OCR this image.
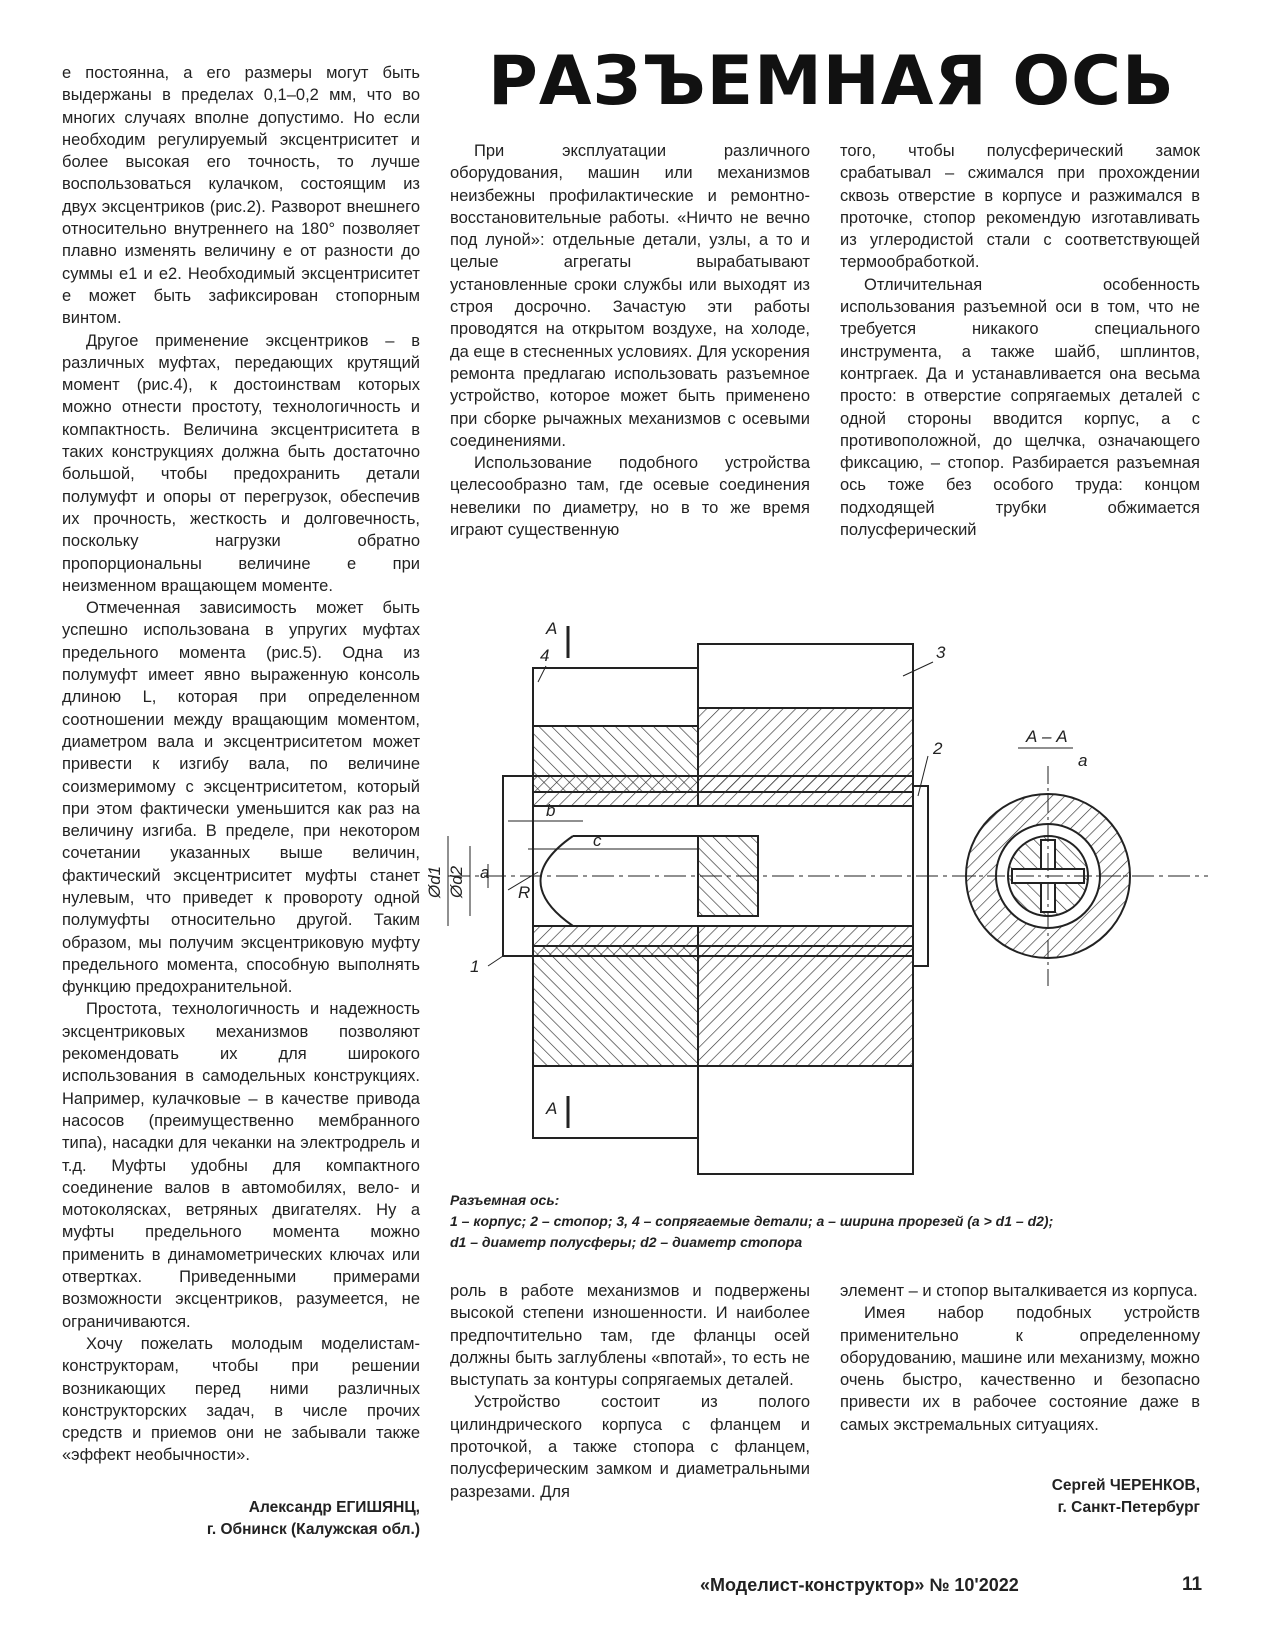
е постоянна, а его размеры могут быть выдержаны в пределах 0,1–0,2 мм, что во многих случаях вполне допустимо. Но если необходим регулируемый эксцентриситет и более высокая его точность, то лучше воспользоваться кулачком, состоящим из двух эксцентриков (рис.2). Разворот внешнего относительно внутреннего на 180° позволяет плавно изменять величину е от разности до суммы е1 и е2. Необходимый эксцентриситет е может быть зафиксирован стопорным винтом.

Другое применение эксцентриков – в различных муфтах, передающих крутящий момент (рис.4), к достоинствам которых можно отнести простоту, технологичность и компактность. Величина эксцентриситета в таких конструкциях должна быть достаточно большой, чтобы предохранить детали полумуфт и опоры от перегрузок, обеспечив их прочность, жесткость и долговечность, поскольку нагрузки обратно пропорциональны величине е при неизменном вращающем моменте.

Отмеченная зависимость может быть успешно использована в упругих муфтах предельного момента (рис.5). Одна из полумуфт имеет явно выраженную консоль длиною L, которая при определенном соотношении между вращающим моментом, диаметром вала и эксцентриситетом может привести к изгибу вала, по величине соизмеримому с эксцентриситетом, который при этом фактически уменьшится как раз на величину изгиба. В пределе, при некотором сочетании указанных выше величин, фактический эксцентриситет муфты станет нулевым, что приведет к провороту одной полумуфты относительно другой. Таким образом, мы получим эксцентриковую муфту предельного момента, способную выполнять функцию предохранительной.

Простота, технологичность и надежность эксцентриковых механизмов позволяют рекомендовать их для широкого использования в самодельных конструкциях. Например, кулачковые – в качестве привода насосов (преимущественно мембранного типа), насадки для чеканки на электродрель и т.д. Муфты удобны для компактного соединение валов в автомобилях, вело- и мотоколясках, ветряных двигателях. Ну а муфты предельного момента можно применить в динамометрических ключах или отвертках. Приведенными примерами возможности эксцентриков, разумеется, не ограничиваются.

Хочу пожелать молодым моделистам-конструкторам, чтобы при решении возникающих перед ними различных конструкторских задач, в числе прочих средств и приемов они не забывали также «эффект необычности».

Александр ЕГИШЯНЦ,
г. Обнинск (Калужская обл.)
РАЗЪЕМНАЯ ОСЬ

При эксплуатации различного оборудования, машин или механизмов неизбежны профилактические и ремонтно-восстановительные работы. «Ничто не вечно под луной»: отдельные детали, узлы, а то и целые агрегаты вырабатывают установленные сроки службы или выходят из строя досрочно. Зачастую эти работы проводятся на открытом воздухе, на холоде, да еще в стесненных условиях. Для ускорения ремонта предлагаю использовать разъемное устройство, которое может быть применено при сборке рычажных механизмов с осевыми соединениями.

Использование подобного устройства целесообразно там, где осевые соединения невелики по диаметру, но в то же время играют существенную

того, чтобы полусферический замок срабатывал – сжимался при прохождении сквозь отверстие в корпусе и разжимался в проточке, стопор рекомендую изготавливать из углеродистой стали с соответствующей термообработкой.

Отличительная особенность использования разъемной оси в том, что не требуется никакого специального инструмента, а также шайб, шплинтов, контргаек. Да и устанавливается она весьма просто: в отверстие сопрягаемых деталей с одной стороны вводится корпус, а с противоположной, до щелчка, означающего фиксацию, – стопор. Разбирается разъемная ось тоже без особого труда: концом подходящей трубки обжимается полусферический

А
А
А – А
a
4	3
2
1
b
c
a
R
Ød1 Ød2
Разъемная ось:
1 – корпус; 2 – стопор; 3, 4 – сопрягаемые детали; а – ширина прорезей (а > d1 – d2);
d1 – диаметр полусферы; d2 – диаметр стопора

роль в работе механизмов и подвержены высокой степени изношенности. И наиболее предпочтительно там, где фланцы осей должны быть заглублены «впотай», то есть не выступать за контуры сопрягаемых деталей.

Устройство состоит из полого цилиндрического корпуса с фланцем и проточкой, а также стопора с фланцем, полусферическим замком и диаметральными разрезами. Для

элемент – и стопор выталкивается из корпуса.

Имея набор подобных устройств применительно к определенному оборудованию, машине или механизму, можно очень быстро, качественно и безопасно привести их в рабочее состояние даже в самых экстремальных ситуациях.

Сергей ЧЕРЕНКОВ,
г. Санкт-Петербург
«Моделист-конструктор» № 10'2022	11
